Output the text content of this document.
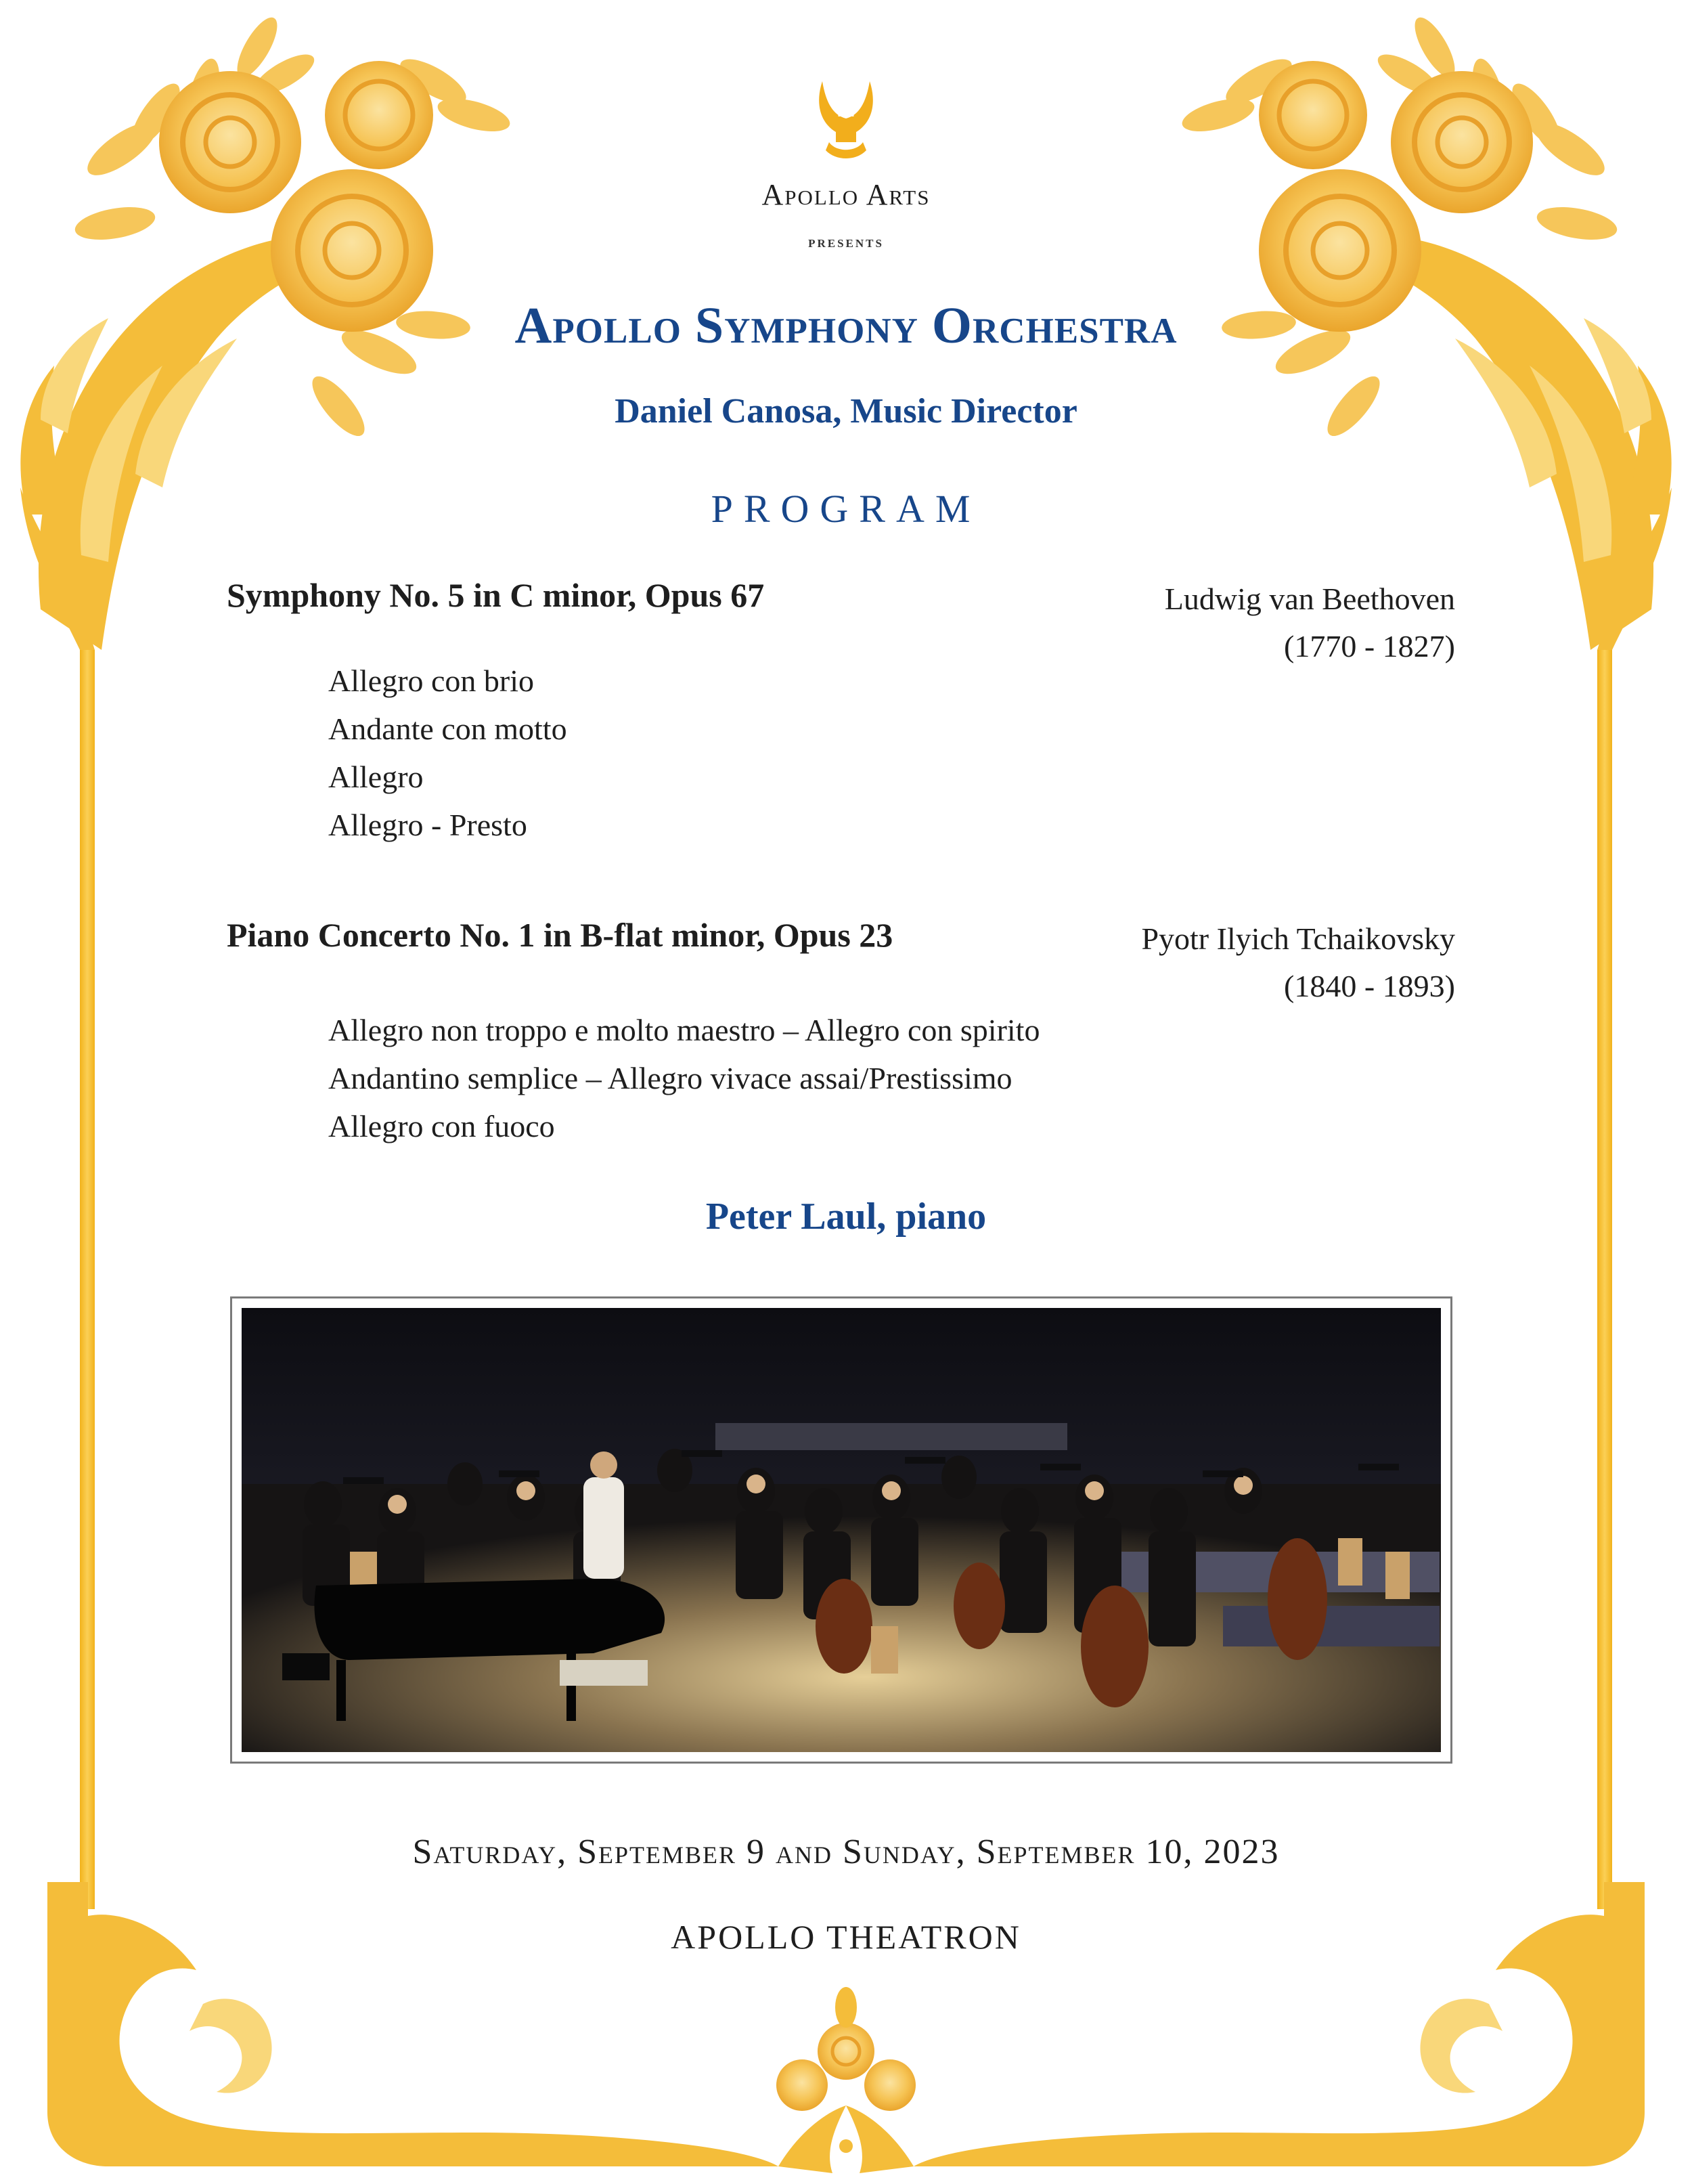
Apollo Arts
presents
Apollo Symphony Orchestra
Daniel Canosa, Music Director
PROGRAM
Symphony No. 5 in C minor, Opus 67	Ludwig van Beethoven
(1770 - 1827)
Allegro con brio
Andante con motto
Allegro
Allegro - Presto
Piano Concerto No. 1 in B-flat minor, Opus 23	Pyotr Ilyich Tchaikovsky
(1840 - 1893)
Allegro non troppo e molto maestro – Allegro con spirito
Andantino semplice – Allegro vivace assai/Prestissimo
Allegro con fuoco
Peter Laul, piano
Saturday, September 9 and Sunday, September 10, 2023
APOLLO THEATRON
